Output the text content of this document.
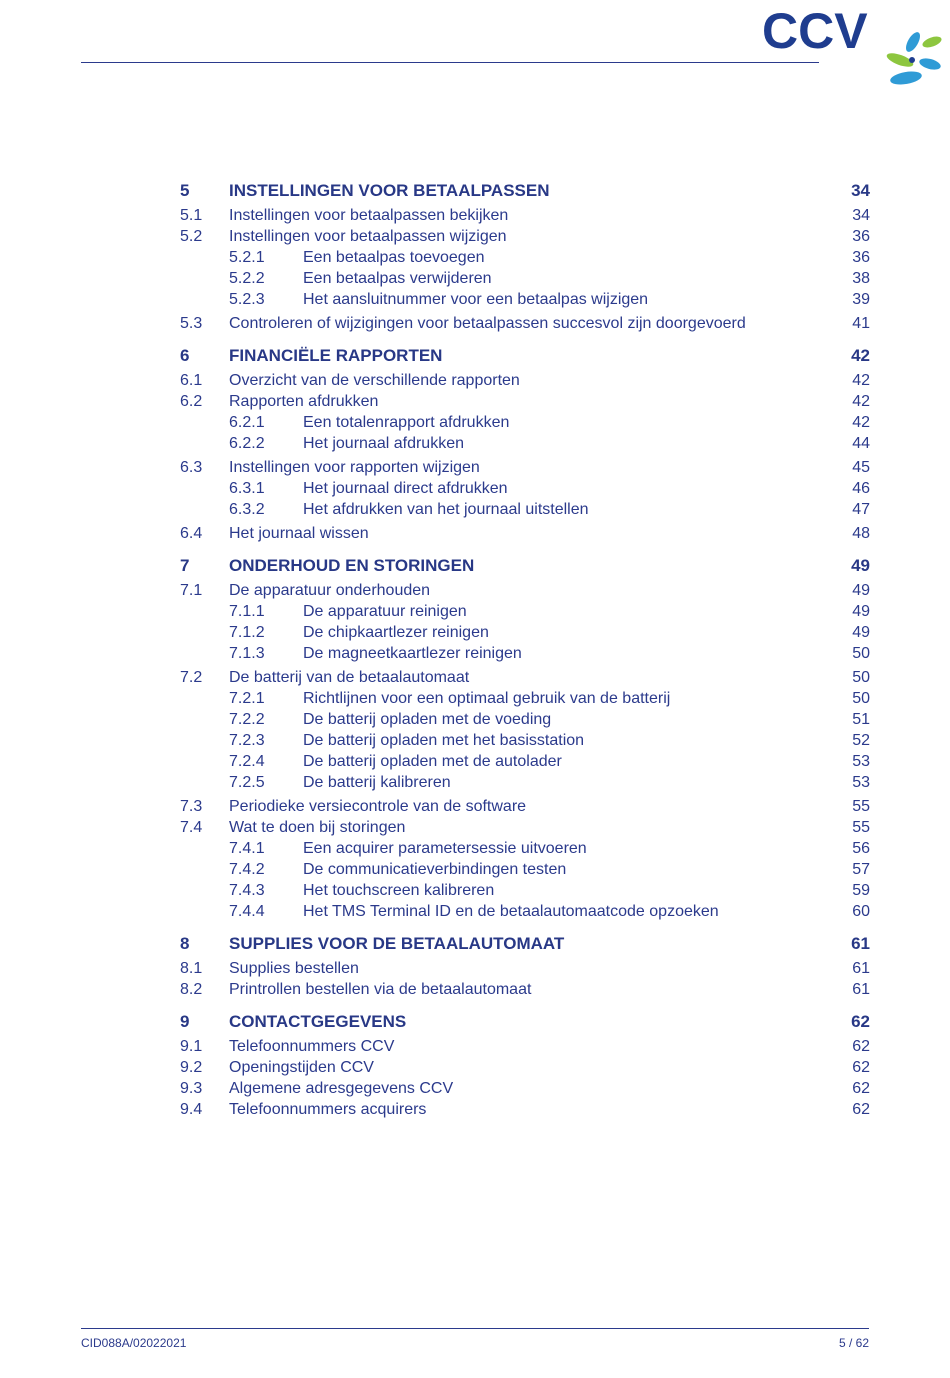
CCV
5 INSTELLINGEN VOOR BETAALPASSEN	34
5.1 Instellingen voor betaalpassen bekijken	34
5.2 Instellingen voor betaalpassen wijzigen	36
5.2.1 Een betaalpas toevoegen	36
5.2.2 Een betaalpas verwijderen	38
5.2.3 Het aansluitnummer voor een betaalpas wijzigen	39
5.3 Controleren of wijzigingen voor betaalpassen succesvol zijn doorgevoerd	41
6 FINANCIËLE RAPPORTEN	42
6.1 Overzicht van de verschillende rapporten	42
6.2 Rapporten afdrukken	42
6.2.1 Een totalenrapport afdrukken	42
6.2.2 Het journaal afdrukken	44
6.3 Instellingen voor rapporten wijzigen	45
6.3.1 Het journaal direct afdrukken	46
6.3.2 Het afdrukken van het journaal uitstellen	47
6.4 Het journaal wissen	48
7 ONDERHOUD EN STORINGEN	49
7.1 De apparatuur onderhouden	49
7.1.1 De apparatuur reinigen	49
7.1.2 De chipkaartlezer reinigen	49
7.1.3 De magneetkaartlezer reinigen	50
7.2 De batterij van de betaalautomaat	50
7.2.1 Richtlijnen voor een optimaal gebruik van de batterij	50
7.2.2 De batterij opladen met de voeding	51
7.2.3 De batterij opladen met het basisstation	52
7.2.4 De batterij opladen met de autolader	53
7.2.5 De batterij kalibreren	53
7.3 Periodieke versiecontrole van de software	55
7.4 Wat te doen bij storingen	55
7.4.1 Een acquirer parametersessie uitvoeren	56
7.4.2 De communicatieverbindingen testen	57
7.4.3 Het touchscreen kalibreren	59
7.4.4 Het TMS Terminal ID en de betaalautomaatcode opzoeken	60
8 SUPPLIES VOOR DE BETAALAUTOMAAT	61
8.1 Supplies bestellen	61
8.2 Printrollen bestellen via de betaalautomaat	61
9 CONTACTGEGEVENS	62
9.1 Telefoonnummers CCV	62
9.2 Openingstijden CCV	62
9.3 Algemene adresgegevens CCV	62
9.4 Telefoonnummers acquirers	62
CID088A/02022021	5 / 62
